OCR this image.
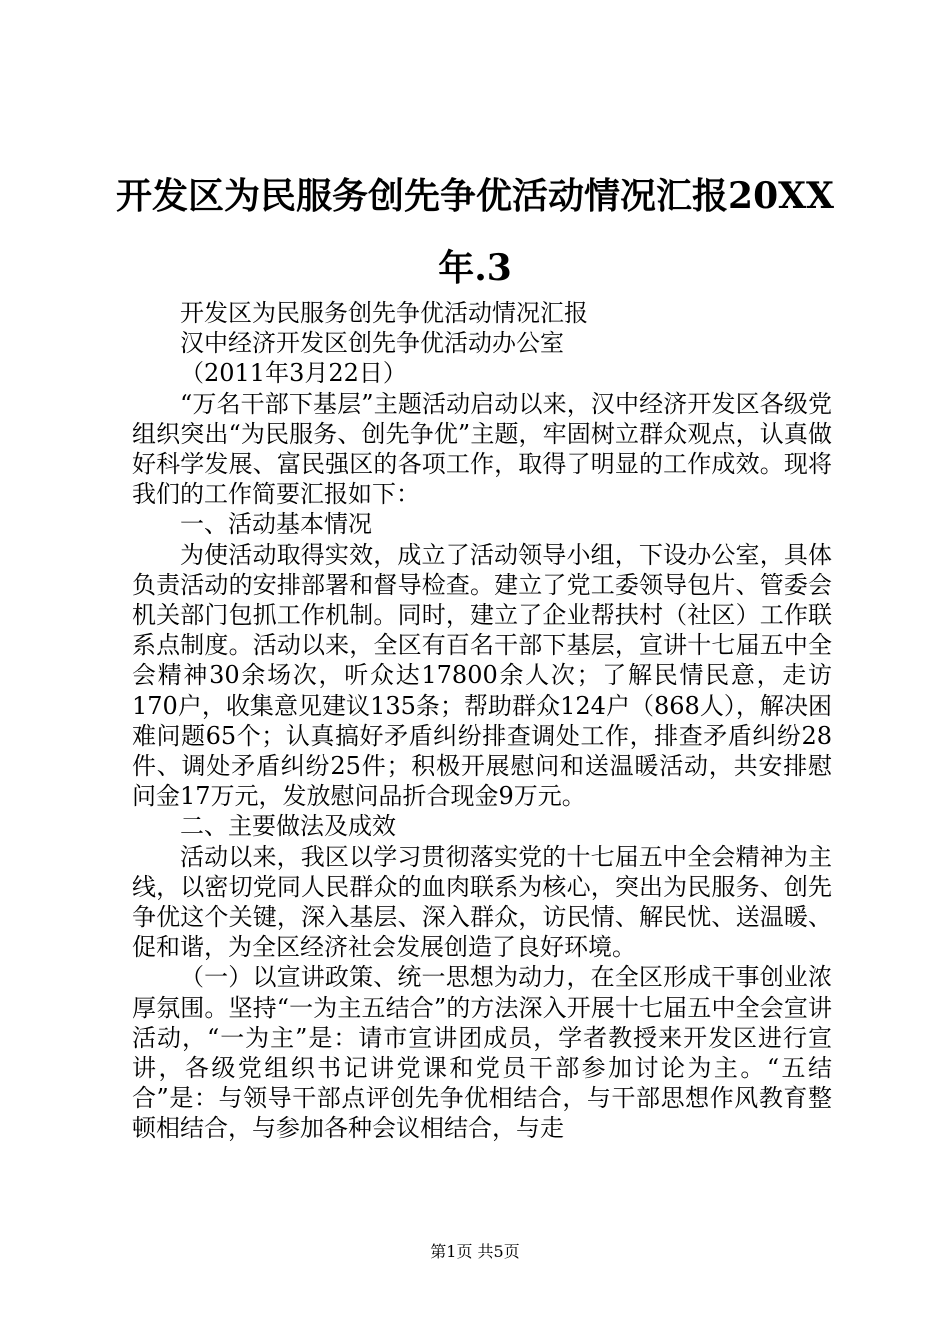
开发区为民服务创先争优活动情况汇报20XX年.3

开发区为民服务创先争优活动情况汇报

汉中经济开发区创先争优活动办公室

（2011年3月22日）

“万名干部下基层”主题活动启动以来，汉中经济开发区各级党组织突出“为民服务、创先争优”主题，牢固树立群众观点，认真做好科学发展、富民强区的各项工作，取得了明显的工作成效。现将我们的工作简要汇报如下：

一、活动基本情况

为使活动取得实效，成立了活动领导小组，下设办公室，具体负责活动的安排部署和督导检查。建立了党工委领导包片、管委会机关部门包抓工作机制。同时，建立了企业帮扶村（社区）工作联系点制度。活动以来，全区有百名干部下基层，宣讲十七届五中全会精神30余场次，听众达17800余人次；了解民情民意，走访170户，收集意见建议135条；帮助群众124户（868人），解决困难问题65个；认真搞好矛盾纠纷排查调处工作，排查矛盾纠纷28件、调处矛盾纠纷25件；积极开展慰问和送温暖活动，共安排慰问金17万元，发放慰问品折合现金9万元。

二、主要做法及成效

活动以来，我区以学习贯彻落实党的十七届五中全会精神为主线，以密切党同人民群众的血肉联系为核心，突出为民服务、创先争优这个关键，深入基层、深入群众，访民情、解民忧、送温暖、促和谐，为全区经济社会发展创造了良好环境。

（一）以宣讲政策、统一思想为动力，在全区形成干事创业浓厚氛围。坚持“一为主五结合”的方法深入开展十七届五中全会宣讲活动，“一为主”是：请市宣讲团成员，学者教授来开发区进行宣讲，各级党组织书记讲党课和党员干部参加讨论为主。“五结合”是：与领导干部点评创先争优相结合，与干部思想作风教育整顿相结合，与参加各种会议相结合，与走

第1页 共5页
